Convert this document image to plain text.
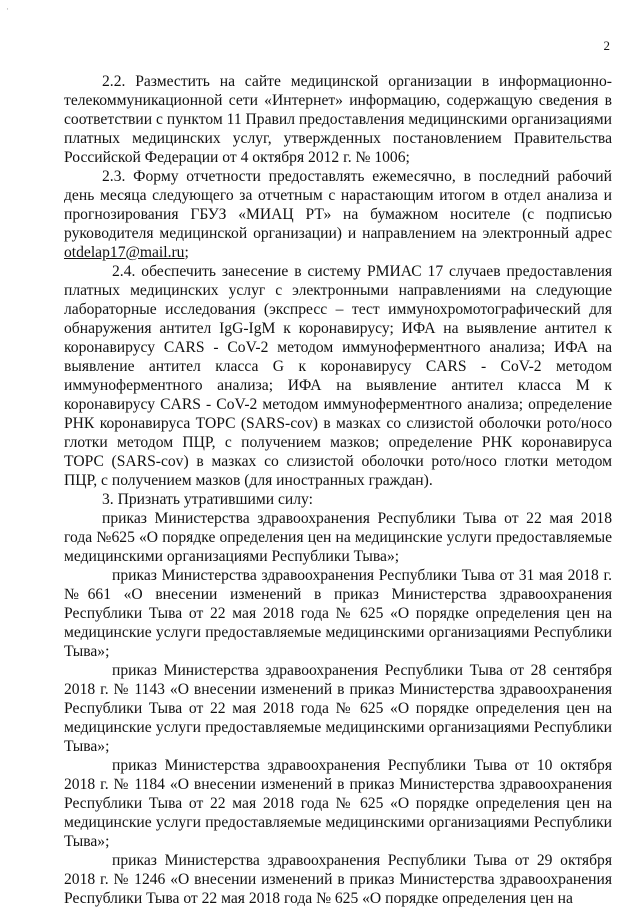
·
2

2.2. Разместить на сайте медицинской организации в информационно-телекоммуникационной сети «Интернет» информацию, содержащую сведения в соответствии с пунктом 11 Правил предоставления медицинскими организациями платных медицинских услуг, утвержденных постановлением Правительства Российской Федерации от 4 октября 2012 г. № 1006;

2.3. Форму отчетности предоставлять ежемесячно, в последний рабочий день месяца следующего за отчетным с нарастающим итогом в отдел анализа и прогнозирования ГБУЗ «МИАЦ РТ» на бумажном носителе (с подписью руководителя медицинской организации) и направлением на электронный адрес otdelap17@mail.ru;

2.4. обеспечить занесение в систему РМИАС 17 случаев предоставления платных медицинских услуг с электронными направлениями на следующие лабораторные исследования (экспресс – тест иммунохромотографический для обнаружения антител IgG-IgM к коронавирусу; ИФА на выявление антител к коронавирусу CARS - CoV-2 методом иммуноферментного анализа; ИФА на выявление антител класса G к коронавирусу CARS - CoV-2 методом иммуноферментного анализа; ИФА на выявление антител класса М к коронавирусу CARS - CoV-2 методом иммуноферментного анализа; определение РНК коронавируса ТОРС (SARS-cov) в мазках со слизистой оболочки рото/носо глотки методом ПЦР, с получением мазков; определение РНК коронавируса ТОРС (SARS-cov) в мазках со слизистой оболочки рото/носо глотки методом ПЦР, с получением мазков (для иностранных граждан).

3. Признать утратившими силу:

приказ Министерства здравоохранения Республики Тыва от 22 мая 2018 года №625 «О порядке определения цен на медицинские услуги предоставляемые медицинскими организациями Республики Тыва»;

приказ Министерства здравоохранения Республики Тыва от 31 мая 2018 г. №661 «О внесении изменений в приказ Министерства здравоохранения Республики Тыва от 22 мая 2018 года № 625 «О порядке определения цен на медицинские услуги предоставляемые медицинскими организациями Республики Тыва»;

приказ Министерства здравоохранения Республики Тыва от 28 сентября 2018 г. № 1143 «О внесении изменений в приказ Министерства здравоохранения Республики Тыва от 22 мая 2018 года № 625 «О порядке определения цен на медицинские услуги предоставляемые медицинскими организациями Республики Тыва»;

приказ Министерства здравоохранения Республики Тыва от 10 октября 2018 г. № 1184 «О внесении изменений в приказ Министерства здравоохранения Республики Тыва от 22 мая 2018 года № 625 «О порядке определения цен на медицинские услуги предоставляемые медицинскими организациями Республики Тыва»;

приказ Министерства здравоохранения Республики Тыва от 29 октября 2018 г. № 1246 «О внесении изменений в приказ Министерства здравоохранения Республики Тыва от 22 мая 2018 года № 625 «О порядке определения цен на
